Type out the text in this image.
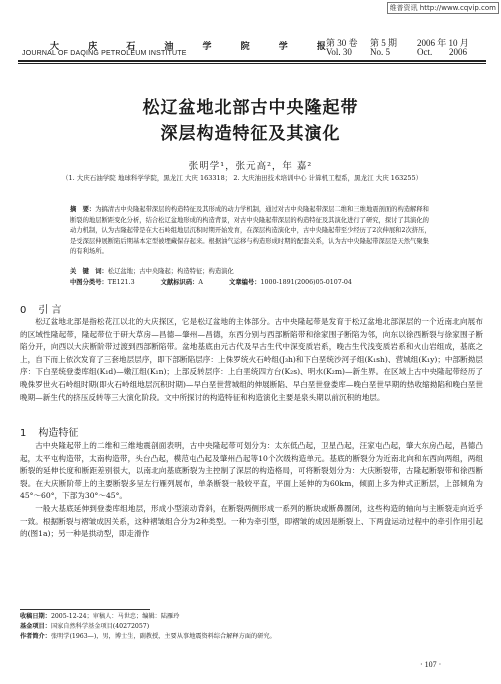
维普资讯 http://www.cqvip.com
大 庆 石 油 学 院 学 报
JOURNAL OF DAQING PETROLEUM INSTITUTE
第 30 卷 第 5 期 2006 年 10 月
Vol. 30 No. 5	Oct. 2006
松辽盆地北部古中央隆起带
深层构造特征及其演化
张明学¹，张元高²，年 嘉²
（1. 大庆石油学院 地球科学学院，黑龙江 大庆 163318； 2. 大庆油田技术培训中心 计算机工程系，黑龙江 大庆 163255）
摘　要：为搞清古中央隆起带深层的构造特征及其形成的动力学机制，通过对古中央隆起带深层二维和三维地震剖面的构造解释和断裂的地层断距变化分析，结合松辽盆地形成的构造背景，对古中央隆起带深层的构造特征及其演化进行了研究，探讨了其演化的动力机制，认为古隆起带是在大石岭组地层沉积时期开始发育，在深层构造演化中，古中央隆起带至少经历了2次伸展和2次挤压，是受深层伸展断陷后期基本定型被埋藏保存起来。根据油气运移与构造形成时期的配套关系，认为古中央隆起带深层是天然气聚集的有利场所。
关　键　词：松辽盆地；古中央隆起；构造特征；构造演化
中图分类号：TE121.3	文献标识码：A	文章编号：1000-1891(2006)05-0107-04
0 引 言

松辽盆地北部是指松花江以北的大庆探区，它是松辽盆地的主体部分。古中央隆起带是发育于松辽盆地北部深层的一个近南北向展布的区域性隆起带，隆起带位于研大草房—昌德—肇州—昌德，东西分别与西部断陷带和徐家围子断陷为邻，向东以徐西断裂与徐家围子断陷分开，向西以大庆断阶带过渡到西部断陷带。盆地基底由元古代及早古生代中深变质岩系，晚古生代浅变质岩系和火山岩组成，基底之上，自下而上依次发育了三套地层层序，即下部断陷层序：上侏罗统火石岭组(J₃h)和下白垩统沙河子组(K₁sh)、营城组(K₁y)；中部断拗层序：下白垩统登娄库组(K₁d)—嫩江组(K₁n)；上部反转层序：上白垩统四方台(K₂s)、明水(K₂m)—新生界。在区域上古中央隆起带经历了晚侏罗世火石岭组时期(即火石岭组地层沉积时期)—早白垩世营城组的伸展断陷、早白垩世登娄库—晚白垩世早期的热收缩拗陷和晚白垩世晚期—新生代的挤压反转等三大演化阶段。文中所探讨的构造特征和构造演化主要是泉头期以前沉积的地层。

1 构造特征

古中央隆起带上的二维和三维地震剖面表明，古中央隆起带可划分为：太东低凸起，卫星凸起，汪家屯凸起，肇大东房凸起，昌德凸起，太平屯构造带，太南构造带，头台凸起，模范屯凸起及肇州凸起等10个次级构造单元。基底的断裂分为近南北向和东西向两组，两组断裂的延伸长度和断距差别很大，以南北向基底断裂为主控制了深层的构造格局，可将断裂划分为：大庆断裂带，古隆起断裂带和徐西断裂。在大庆断阶带上的主要断裂多呈左行雁列展布，单条断裂一般较平直，平面上延伸的为60km，倾面上多为伸式正断层，上部倾角为45°～60°，下部为30°～45°。

一般大基底延伸到登娄库组地层，形成小型滚动背斜，在断裂两侧形成一系列的断块或断鼻圈闭，这些构造的轴向与主断裂走向近乎一致。根据断裂与褶皱成因关系，这种褶皱组合分为2种类型。一种为牵引型，即褶皱的成因是断裂上、下两盘运动过程中的牵引作用引起的(图1a)；另一种是拱动型，即走滑作

收稿日期：2005-12-24；审稿人：马世忠；编辑：陆雁玲
基金项目：国家自然科学基金项目(40272057)
作者简介：张明学(1963—)，男，博士生，副教授，主要从事地震资料综合解释方面的研究。
· 107 ·
